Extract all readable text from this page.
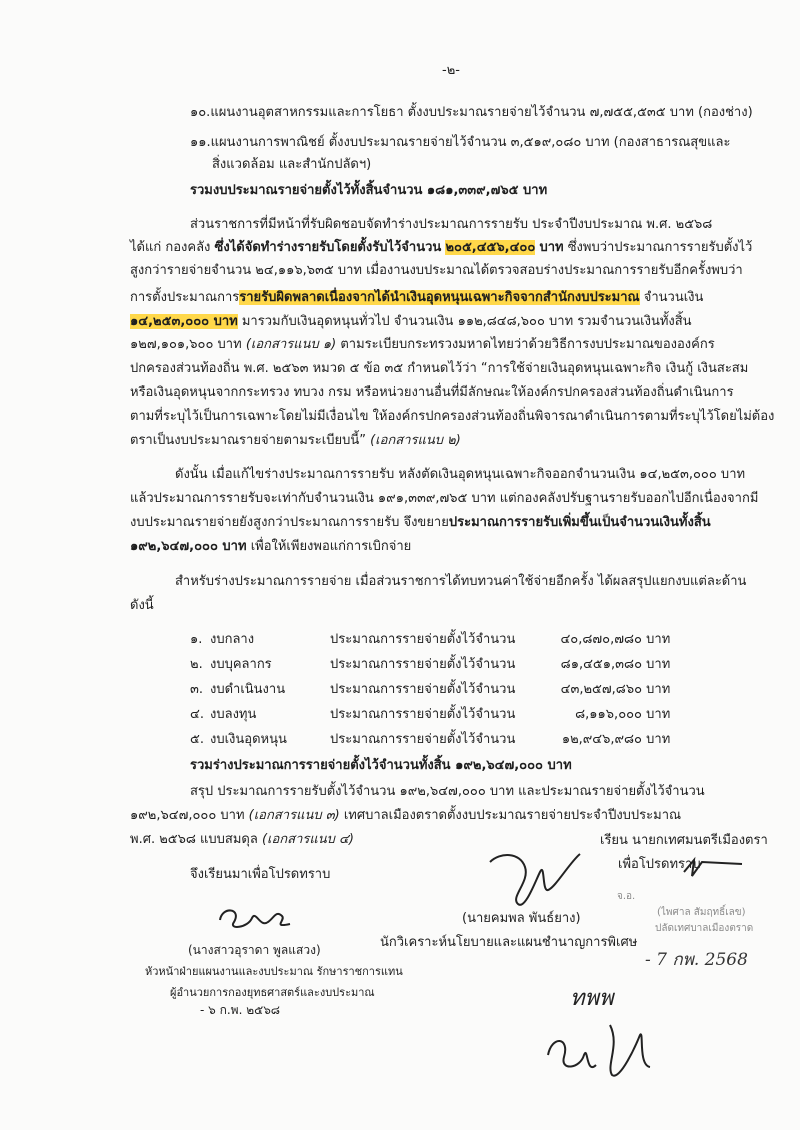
-๒-
๑๐.แผนงานอุตสาหกรรมและการโยธา ตั้งงบประมาณรายจ่ายไว้จำนวน ๗,๗๕๕,๕๓๕ บาท (กองช่าง)
๑๑.แผนงานการพาณิชย์ ตั้งงบประมาณรายจ่ายไว้จำนวน ๓,๕๑๙,๐๘๐ บาท (กองสาธารณสุขและ
สิ่งแวดล้อม และสำนักปลัดฯ)
รวมงบประมาณรายจ่ายตั้งไว้ทั้งสิ้นจำนวน ๑๘๑,๓๓๙,๗๖๕ บาท
ส่วนราชการที่มีหน้าที่รับผิดชอบจัดทำร่างประมาณการรายรับ ประจำปีงบประมาณ พ.ศ. ๒๕๖๘
ได้แก่ กองคลัง ซึ่งได้จัดทำร่างรายรับโดยตั้งรับไว้จำนวน ๒๐๕,๔๕๖,๔๐๐ บาท ซึ่งพบว่าประมาณการรายรับตั้งไว้
สูงกว่ารายจ่ายจำนวน ๒๔,๑๑๖,๖๓๕ บาท เมื่องานงบประมาณได้ตรวจสอบร่างประมาณการรายรับอีกครั้งพบว่า
การตั้งประมาณการรายรับผิดพลาดเนื่องจากได้นำเงินอุดหนุนเฉพาะกิจจากสำนักงบประมาณ จำนวนเงิน
๑๔,๒๕๓,๐๐๐ บาท มารวมกับเงินอุดหนุนทั่วไป จำนวนเงิน ๑๑๒,๘๔๘,๖๐๐ บาท รวมจำนวนเงินทั้งสิ้น
๑๒๗,๑๐๑,๖๐๐ บาท (เอกสารแนบ ๑) ตามระเบียบกระทรวงมหาดไทยว่าด้วยวิธีการงบประมาณขององค์กร
ปกครองส่วนท้องถิ่น พ.ศ. ๒๕๖๓ หมวด ๕ ข้อ ๓๕ กำหนดไว้ว่า “การใช้จ่ายเงินอุดหนุนเฉพาะกิจ เงินกู้ เงินสะสม
หรือเงินอุดหนุนจากกระทรวง ทบวง กรม หรือหน่วยงานอื่นที่มีลักษณะให้องค์กรปกครองส่วนท้องถิ่นดำเนินการ
ตามที่ระบุไว้เป็นการเฉพาะโดยไม่มีเงื่อนไข ให้องค์กรปกครองส่วนท้องถิ่นพิจารณาดำเนินการตามที่ระบุไว้โดยไม่ต้อง
ตราเป็นงบประมาณรายจ่ายตามระเบียบนี้” (เอกสารแนบ ๒)
ดังนั้น เมื่อแก้ไขร่างประมาณการรายรับ หลังตัดเงินอุดหนุนเฉพาะกิจออกจำนวนเงิน ๑๔,๒๕๓,๐๐๐ บาท
แล้วประมาณการรายรับจะเท่ากับจำนวนเงิน ๑๙๑,๓๓๙,๗๖๕ บาท แต่กองคลังปรับฐานรายรับออกไปอีกเนื่องจากมี
งบประมาณรายจ่ายยังสูงกว่าประมาณการรายรับ จึงขยายประมาณการรายรับเพิ่มขึ้นเป็นจำนวนเงินทั้งสิ้น
๑๙๒,๖๔๗,๐๐๐ บาท เพื่อให้เพียงพอแก่การเบิกจ่าย
สำหรับร่างประมาณการรายจ่าย เมื่อส่วนราชการได้ทบทวนค่าใช้จ่ายอีกครั้ง ได้ผลสรุปแยกงบแต่ละด้าน
ดังนี้
๑. งบกลาง	ประมาณการรายจ่ายตั้งไว้จำนวน	๔๐,๘๗๐,๗๘๐ บาท
๒. งบบุคลากร	ประมาณการรายจ่ายตั้งไว้จำนวน	๘๑,๔๕๑,๓๘๐ บาท
๓. งบดำเนินงาน	ประมาณการรายจ่ายตั้งไว้จำนวน	๔๓,๒๕๗,๘๖๐ บาท
๔. งบลงทุน	ประมาณการรายจ่ายตั้งไว้จำนวน	๘,๑๑๖,๐๐๐ บาท
๕. งบเงินอุดหนุน	ประมาณการรายจ่ายตั้งไว้จำนวน	๑๒,๙๔๖,๙๘๐ บาท
รวมร่างประมาณการรายจ่ายตั้งไว้จำนวนทั้งสิ้น ๑๙๒,๖๔๗,๐๐๐ บาท
สรุป ประมาณการรายรับตั้งไว้จำนวน ๑๙๒,๖๔๗,๐๐๐ บาท และประมาณรายจ่ายตั้งไว้จำนวน
๑๙๒,๖๔๗,๐๐๐ บาท (เอกสารแนบ ๓) เทศบาลเมืองตราดตั้งงบประมาณรายจ่ายประจำปีงบประมาณ
พ.ศ. ๒๕๖๘ แบบสมดุล (เอกสารแนบ ๔)	เรียน นายกเทศมนตรีเมืองตรา
เพื่อโปรดทราบ
จึงเรียนมาเพื่อโปรดทราบ
จ.อ.
(ไพศาล สัมฤทธิ์เลข)
ปลัดเทศบาลเมืองตราด
(นายคมพล พันธ์ยาง)
นักวิเคราะห์นโยบายและแผนชำนาญการพิเศษ
(นางสาวอุราดา พูลแสวง)
หัวหน้าฝ่ายแผนงานและงบประมาณ รักษาราชการแทน
ผู้อำนวยการกองยุทธศาสตร์และงบประมาณ
- ๖ ก.พ. ๒๕๖๘
- 7 กพ. 2568
ทพพ
